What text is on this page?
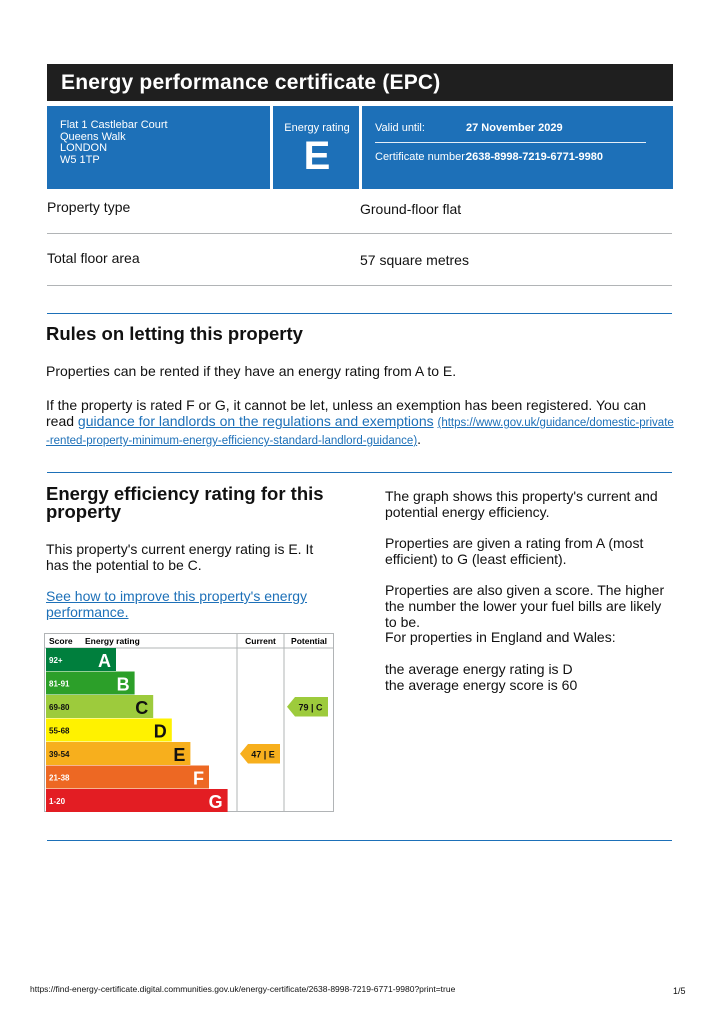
Energy performance certificate (EPC)
Flat 1 Castlebar Court
Queens Walk
LONDON
W5 1TP
Energy rating
E
Valid until:	27 November 2029
Certificate number:
2638-8998-7219-6771-9980
Property type	Ground-floor flat
Total floor area	57 square metres
Rules on letting this property
Properties can be rented if they have an energy rating from A to E.
If the property is rated F or G, it cannot be let, unless an exemption has been registered. You can read guidance for landlords on the regulations and exemptions (https://www.gov.uk/guidance/domestic-private-rented-property-minimum-energy-efficiency-standard-landlord-guidance).
Energy efficiency rating for this property
This property's current energy rating is E. It has the potential to be C.
See how to improve this property's energy performance.
The graph shows this property's current and potential energy efficiency.
Properties are given a rating from A (most efficient) to G (least efficient).
Properties are also given a score. The higher the number the lower your fuel bills are likely to be.
For properties in England and Wales:
the average energy rating is D
the average energy score is 60
Score Energy rating	Current Potential
92+ A
81-91	B
69-80	C
55-68	D
39-54	E
21-38	F
1-20	G
47 | E
79 | C
https://find-energy-certificate.digital.communities.gov.uk/energy-certificate/2638-8998-7219-6771-9980?print=true	1/5
